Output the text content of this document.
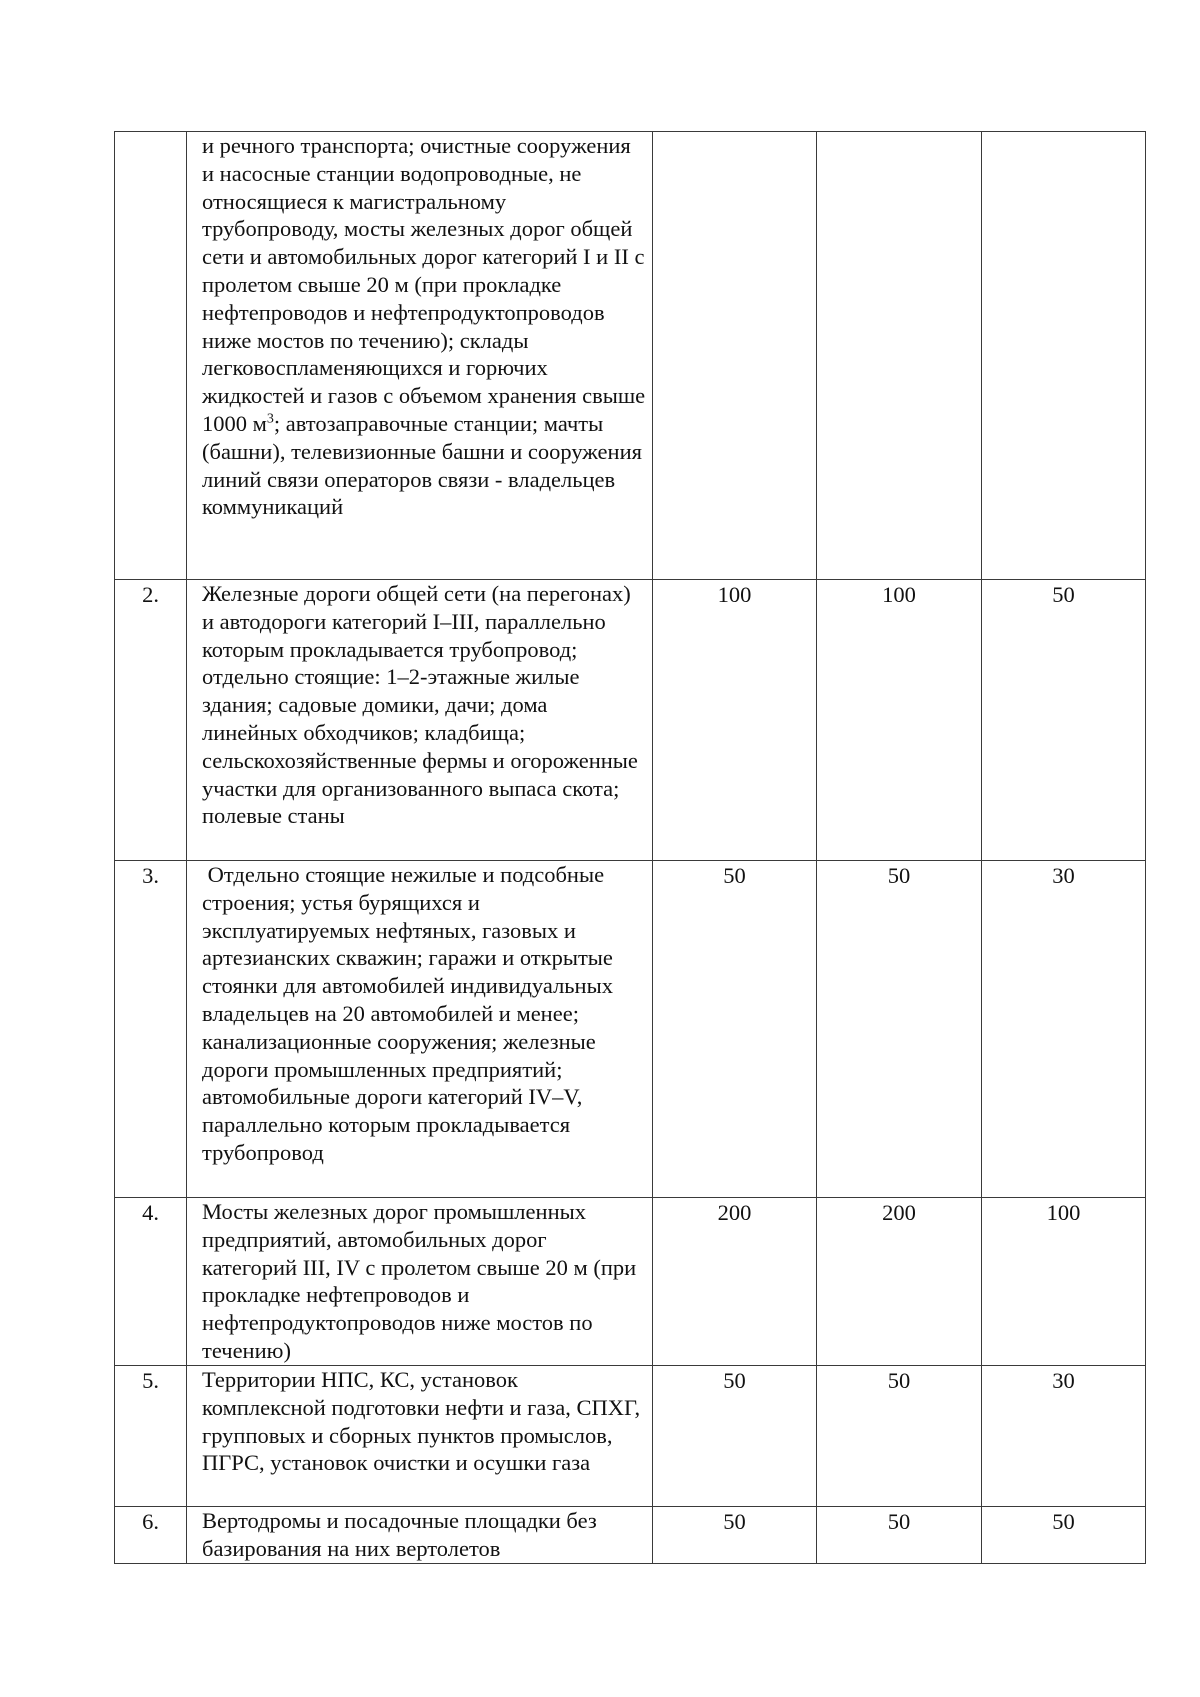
	и речного транспорта; очистные сооружения и насосные станции водопроводные, не относящиеся к магистральному трубопроводу, мосты железных дорог общей сети и автомобильных дорог категорий I и II с пролетом свыше 20 м (при прокладке нефтепроводов и нефтепродуктопроводов ниже мостов по течению); склады легковоспламеняющихся и горючих жидкостей и газов с объемом хранения свыше 1000 $м^3$; автозаправочные станции; мачты (башни), телевизионные башни и сооружения линий связи операторов связи - владельцев коммуникаций			

2.	Железные дороги общей сети (на перегонах) и автодороги категорий I–III, параллельно которым прокладывается трубопровод; отдельно стоящие: 1–2-этажные жилые здания; садовые домики, дачи; дома линейных обходчиков; кладбища; сельскохозяйственные фермы и огороженные участки для организованного выпаса скота; полевые станы	100	100	50
3.	Отдельно стоящие нежилые и подсобные строения; устья бурящихся и эксплуатируемых нефтяных, газовых и артезианских скважин; гаражи и открытые стоянки для автомобилей индивидуальных владельцев на 20 автомобилей и менее; канализационные сооружения; железные дороги промышленных предприятий; автомобильные дороги категорий IV–V, параллельно которым прокладывается трубопровод	50	50	30
4.	Мосты железных дорог промышленных предприятий, автомобильных дорог категорий III, IV с пролетом свыше 20 м (при прокладке нефтепроводов и нефтепродуктопроводов ниже мостов по течению)	200	200	100
5.	Территории НПС, КС, установок комплексной подготовки нефти и газа, СПХГ, групповых и сборных пунктов промыслов, ПГРС, установок очистки и осушки газа	50	50	30
6.	Вертодромы и посадочные площадки без базирования на них вертолетов	50	50	50
